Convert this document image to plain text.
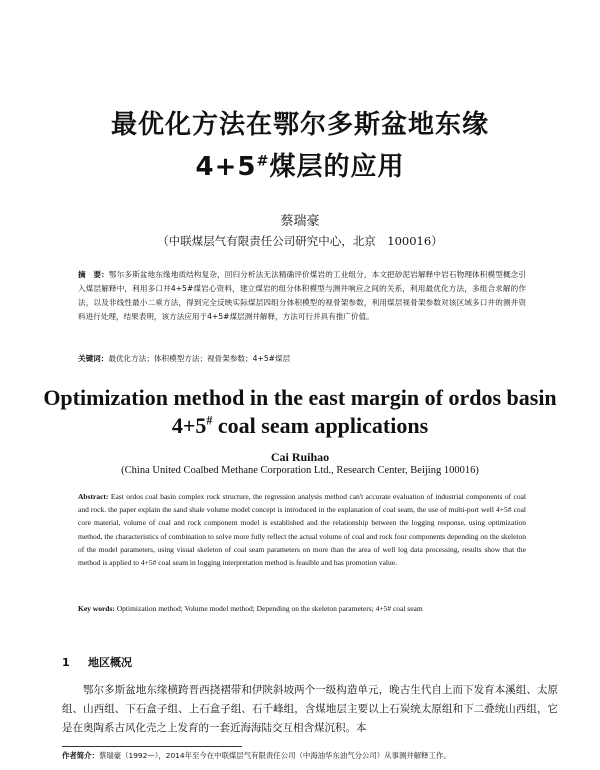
最优化方法在鄂尔多斯盆地东缘
4+5#煤层的应用
蔡瑞豪
（中联煤层气有限责任公司研究中心，北京　100016）
摘　要：鄂尔多斯盆地东缘地质结构复杂，回归分析法无法精确评价煤岩的工业组分，本文把砂泥岩解释中岩石物理体积模型概念引入煤层解释中，利用多口井4+5#煤岩心资料，建立煤岩的组分体积模型与测井响应之间的关系，利用最优化方法，多组合求解的作法，以及非线性最小二乘方法，得到完全反映实际煤层四组分体积模型的视骨架参数，利用煤层视骨架参数对该区域多口井的测井资料进行处理，结果表明，该方法应用于4+5#煤层测井解释，方法可行并具有推广价值。
关键词：最优化方法；体积模型方法；视骨架参数；4+5#煤层
Optimization method in the east margin of ordos basin
4+5# coal seam applications
Cai Ruihao
(China United Coalbed Methane Corporation Ltd., Research Center, Beijing 100016)
Abstract: East ordos coal basin complex rock structure, the regression analysis method can't accurate evaluation of industrial components of coal and rock. the paper explain the sand shale volume model concept is introduced in the explanation of coal seam, the use of multi-port well 4+5# coal core material, volume of coal and rock component model is established and the relationship between the logging response, using optimization method, the characteristics of combination to solve more fully reflect the actual volume of coal and rock four components depending on the skeleton of the model parameters, using visual skeleton of coal seam parameters on more than the area of well log data processing, results show that the method is applied to 4+5# coal seam in logging interpretation method is feasible and has promotion value.
Key words: Optimization method; Volume model method; Depending on the skeleton parameters; 4+5# coal seam
1 地区概况
鄂尔多斯盆地东缘横跨晋西挠褶带和伊陕斜坡两个一级构造单元，晚古生代自上而下发育本溪组、太原组、山西组、下石盒子组、上石盒子组、石千峰组，含煤地层主要以上石炭统太原组和下二叠统山西组，它是在奥陶系古风化壳之上发育的一套近海海陆交互相含煤沉积。本
作者简介：蔡瑞豪（1992—），2014年至今在中联煤层气有限责任公司（中海油华东油气分公司）从事测井解释工作。
